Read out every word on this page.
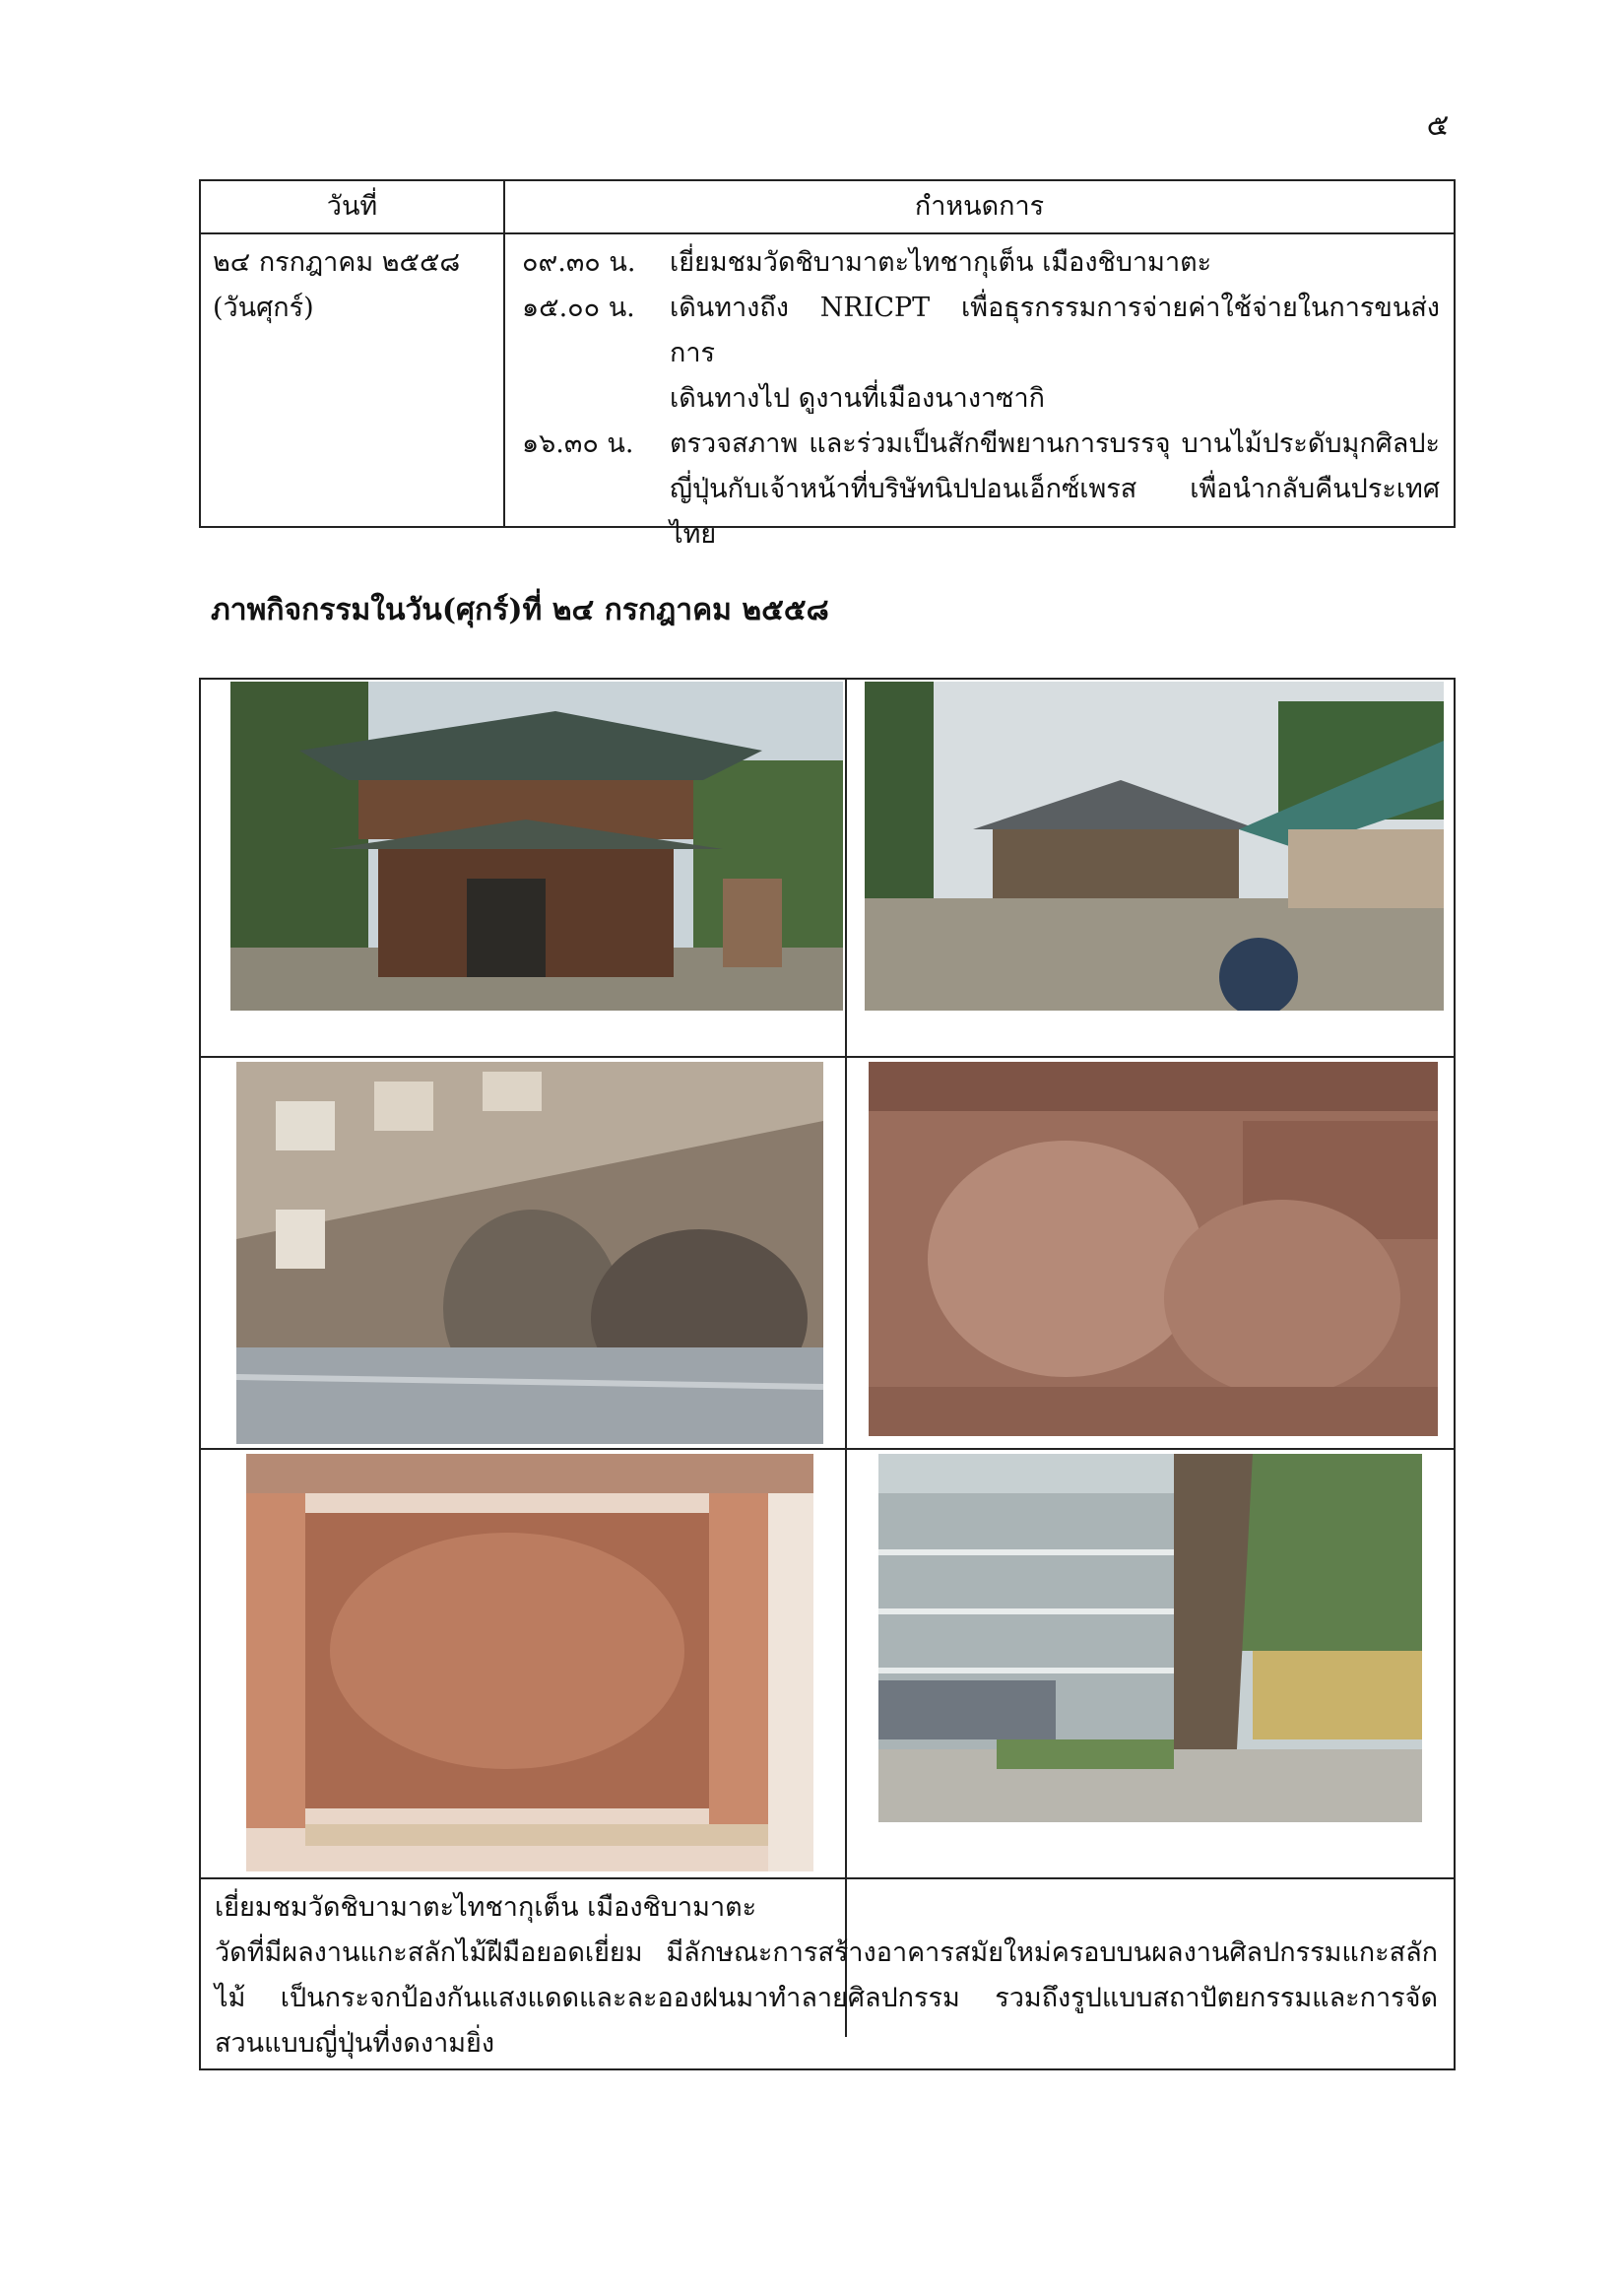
๕
วันที่	กำหนดการ
๒๔ กรกฎาคม ๒๕๕๘
(วันศุกร์)
๐๙.๓๐ น.	เยี่ยมชมวัดชิบามาตะไทชากุเต็น เมืองชิบามาตะ
๑๕.๐๐ น.	เดินทางถึง NRICPT เพื่อธุรกรรมการจ่ายค่าใช้จ่ายในการขนส่ง การ
เดินทางไป ดูงานที่เมืองนางาซากิ
๑๖.๓๐ น.	ตรวจสภาพ และร่วมเป็นสักขีพยานการบรรจุ บานไม้ประดับมุกศิลปะ
ญี่ปุ่นกับเจ้าหน้าที่บริษัทนิปปอนเอ็กซ์เพรส เพื่อนำกลับคืนประเทศ
ไทย
ภาพกิจกรรมในวัน(ศุกร์)ที่ ๒๔ กรกฎาคม ๒๕๕๘
เยี่ยมชมวัดชิบามาตะไทชากุเต็น เมืองชิบามาตะ
วัดที่มีผลงานแกะสลักไม้ฝีมือยอดเยี่ยม มีลักษณะการสร้างอาคารสมัยใหม่ครอบบนผลงานศิลปกรรมแกะสลัก
ไม้ เป็นกระจกป้องกันแสงแดดและละอองฝนมาทำลายศิลปกรรม รวมถึงรูปแบบสถาปัตยกรรมและการจัด
สวนแบบญี่ปุ่นที่งดงามยิ่ง
